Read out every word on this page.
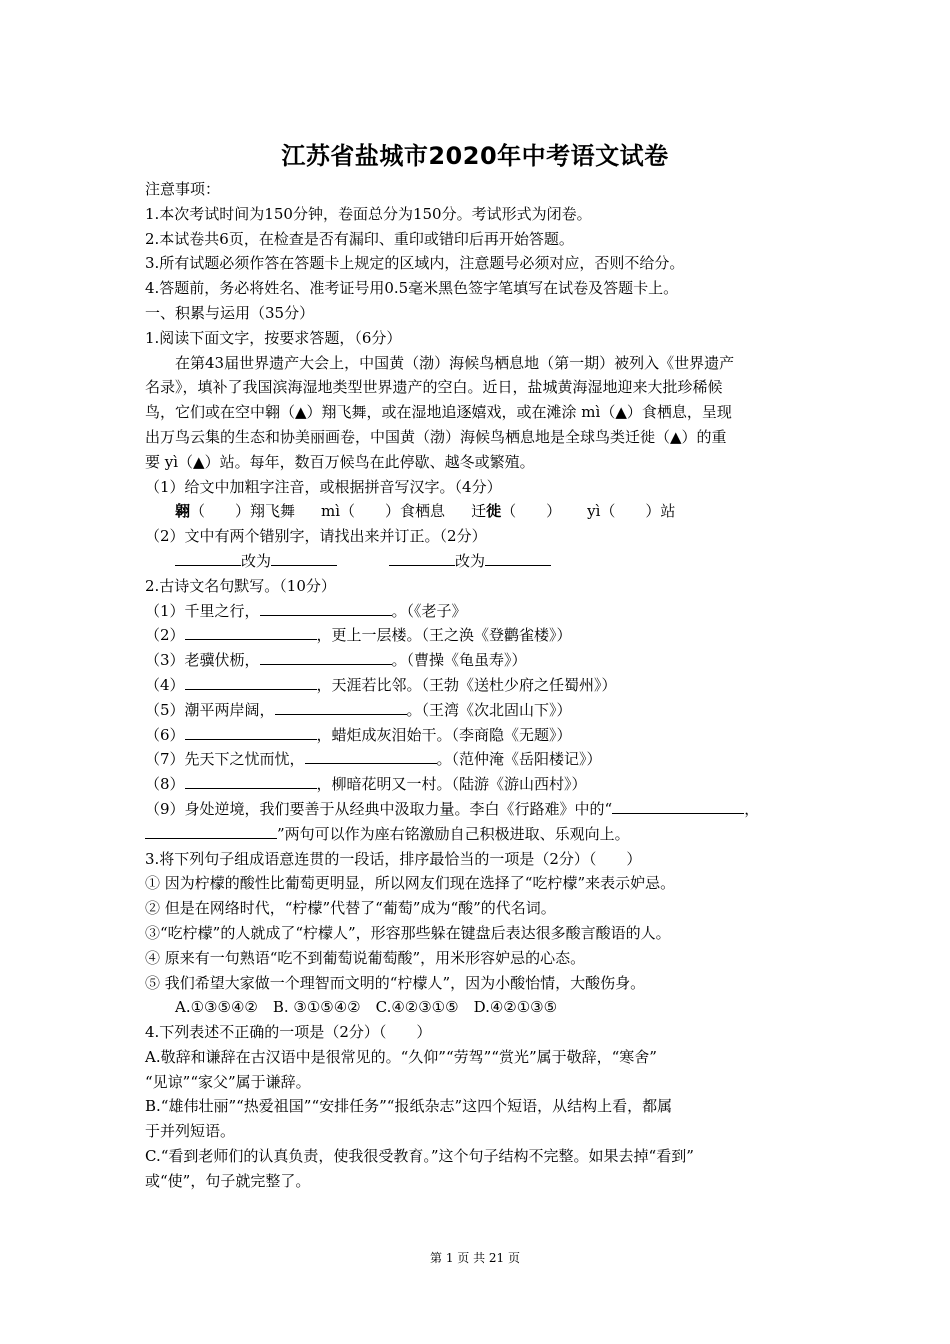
江苏省盐城市2020年中考语文试卷
注意事项：
1.本次考试时间为150分钟，卷面总分为150分。考试形式为闭卷。
2.本试卷共6页，在检查是否有漏印、重印或错印后再开始答题。
3.所有试题必须作答在答题卡上规定的区域内，注意题号必须对应，否则不给分。
4.答题前，务必将姓名、准考证号用0.5毫米黑色签字笔填写在试卷及答题卡上。
一、积累与运用（35分）
1.阅读下面文字，按要求答题，（6分）
在第43届世界遗产大会上，中国黄（渤）海候鸟栖息地（第一期）被列入《世界遗产
名录》，填补了我国滨海湿地类型世界遗产的空白。近日，盐城黄海湿地迎来大批珍稀候
鸟，它们或在空中翱（▲）翔飞舞，或在湿地追逐嬉戏，或在滩涂 mì（▲）食栖息，呈现
出万鸟云集的生态和协美丽画卷，中国黄（渤）海候鸟栖息地是全球鸟类迁徙（▲）的重
要 yì（▲）站。每年，数百万候鸟在此停歇、越冬或繁殖。
（1）给文中加粗字注音，或根据拼音写汉字。（4分）
翱（　　）翔飞舞 mì（　　）食栖息 迁徙（　　） yì（　　）站
（2）文中有两个错别字，请找出来并订正。（2分）
改为	改为
2.古诗文名句默写。（10分）
（1）千里之行，	。（《老子》
（2）	，更上一层楼。（王之涣《登鹳雀楼》）
（3）老骥伏枥，	。（曹操《龟虽寿》）
（4）	，天涯若比邻。（王勃《送杜少府之任蜀州》）
（5）潮平两岸阔，	。（王湾《次北固山下》）
（6）	，蜡炬成灰泪始干。（李商隐《无题》）
（7）先天下之忧而忧，	。（范仲淹《岳阳楼记》）
（8）	，柳暗花明又一村。（陆游《游山西村》）
（9）身处逆境，我们要善于从经典中汲取力量。李白《行路难》中的“	，
”两句可以作为座右铭激励自己积极进取、乐观向上。
3.将下列句子组成语意连贯的一段话，排序最恰当的一项是（2分）（　　）
① 因为柠檬的酸性比葡萄更明显，所以网友们现在选择了“吃柠檬”来表示妒忌。
② 但是在网络时代，“柠檬”代替了“葡萄”成为“酸”的代名词。
③“吃柠檬”的人就成了“柠檬人”，形容那些躲在键盘后表达很多酸言酸语的人。
④ 原来有一句熟语“吃不到葡萄说葡萄酸”，用米形容妒忌的心态。
⑤ 我们希望大家做一个理智而文明的“柠檬人”，因为小酸怡情，大酸伤身。
A.①③⑤④②　B. ③①⑤④②　C.④②③①⑤　D.④②①③⑤
4.下列表述不正确的一项是（2分）（　　）
A.敬辞和谦辞在古汉语中是很常见的。“久仰”“劳驾”“赏光”属于敬辞，“寒舍”
“见谅”“家父”属于谦辞。
B.“雄伟壮丽”“热爱祖国”“安排任务”“报纸杂志”这四个短语，从结构上看，都属
于并列短语。
C.“看到老师们的认真负责，使我很受教育。”这个句子结构不完整。如果去掉“看到”
或“使”，句子就完整了。
第 1 页 共 21 页
